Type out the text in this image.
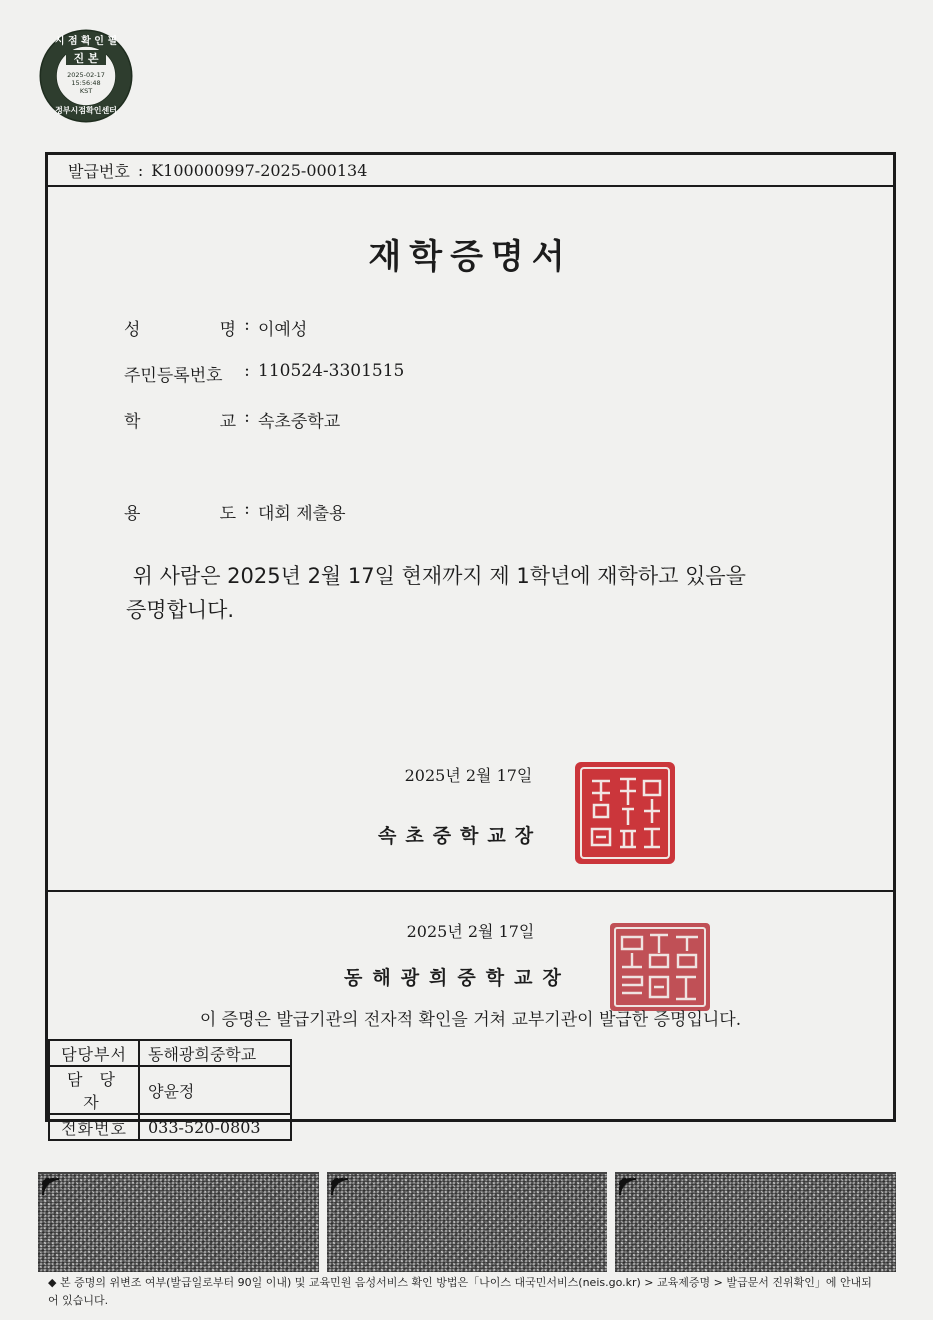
시 점 확 인 필
진 본
2025-02-17
15:56:48
KST
정부시점확인센터
발급번호 : K100000997-2025-000134
재학증명서
성	명 : 이예성
주민등록번호	: 110524-3301515
학	교 : 속초중학교
용	도 : 대회 제출용
위 사람은 2025년 2월 17일 현재까지 제 1학년에 재학하고 있음을
증명합니다.
2025년 2월 17일
속초중학교장
2025년 2월 17일
동해광희중학교장
이 증명은 발급기관의 전자적 확인을 거쳐 교부기관이 발급한 증명입니다.
담당부서	동해광희중학교
담 당 자	양윤정
전화번호	033-520-0803
◆ 본 증명의 위변조 여부(발급일로부터 90일 이내) 및 교육민원 음성서비스 확인 방법은「나이스 대국민서비스(neis.go.kr) > 교육제증명 > 발급문서 진위확인」에 안내되어 있습니다.
